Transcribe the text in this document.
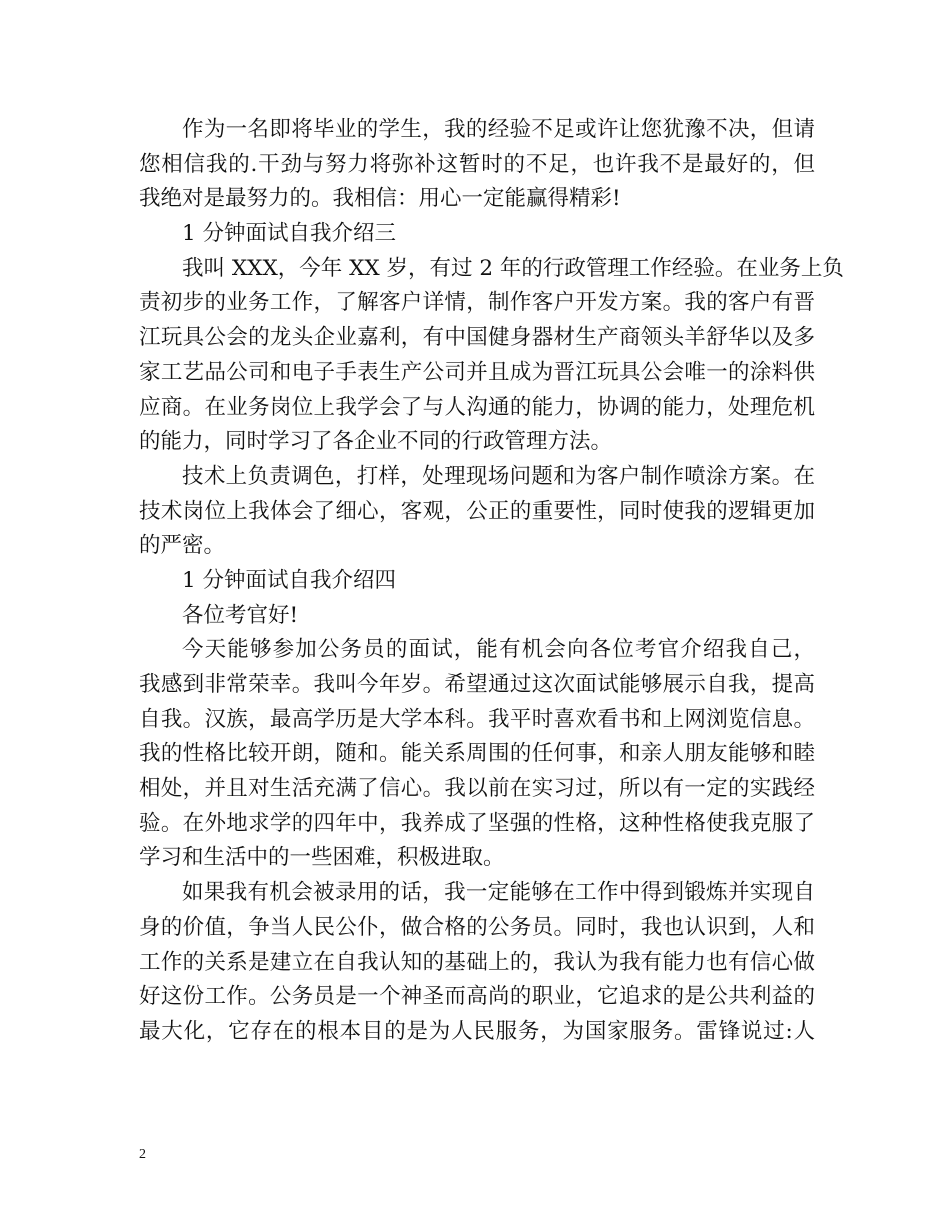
作为一名即将毕业的学生，我的经验不足或许让您犹豫不决，但请
您相信我的.干劲与努力将弥补这暂时的不足，也许我不是最好的，但
我绝对是最努力的。我相信：用心一定能赢得精彩!
1 分钟面试自我介绍三
我叫 XXX，今年 XX 岁，有过 2 年的行政管理工作经验。在业务上负
责初步的业务工作，了解客户详情，制作客户开发方案。我的客户有晋
江玩具公会的龙头企业嘉利，有中国健身器材生产商领头羊舒华以及多
家工艺品公司和电子手表生产公司并且成为晋江玩具公会唯一的涂料供
应商。在业务岗位上我学会了与人沟通的能力，协调的能力，处理危机
的能力，同时学习了各企业不同的行政管理方法。
技术上负责调色，打样，处理现场问题和为客户制作喷涂方案。在
技术岗位上我体会了细心，客观，公正的重要性，同时使我的逻辑更加
的严密。
1 分钟面试自我介绍四
各位考官好!
今天能够参加公务员的面试，能有机会向各位考官介绍我自己，
我感到非常荣幸。我叫今年岁。希望通过这次面试能够展示自我，提高
自我。汉族，最高学历是大学本科。我平时喜欢看书和上网浏览信息。
我的性格比较开朗，随和。能关系周围的任何事，和亲人朋友能够和睦
相处，并且对生活充满了信心。我以前在实习过，所以有一定的实践经
验。在外地求学的四年中，我养成了坚强的性格，这种性格使我克服了
学习和生活中的一些困难，积极进取。
如果我有机会被录用的话，我一定能够在工作中得到锻炼并实现自
身的价值，争当人民公仆，做合格的公务员。同时，我也认识到，人和
工作的关系是建立在自我认知的基础上的，我认为我有能力也有信心做
好这份工作。公务员是一个神圣而高尚的职业，它追求的是公共利益的
最大化，它存在的根本目的是为人民服务，为国家服务。雷锋说过:人
2
